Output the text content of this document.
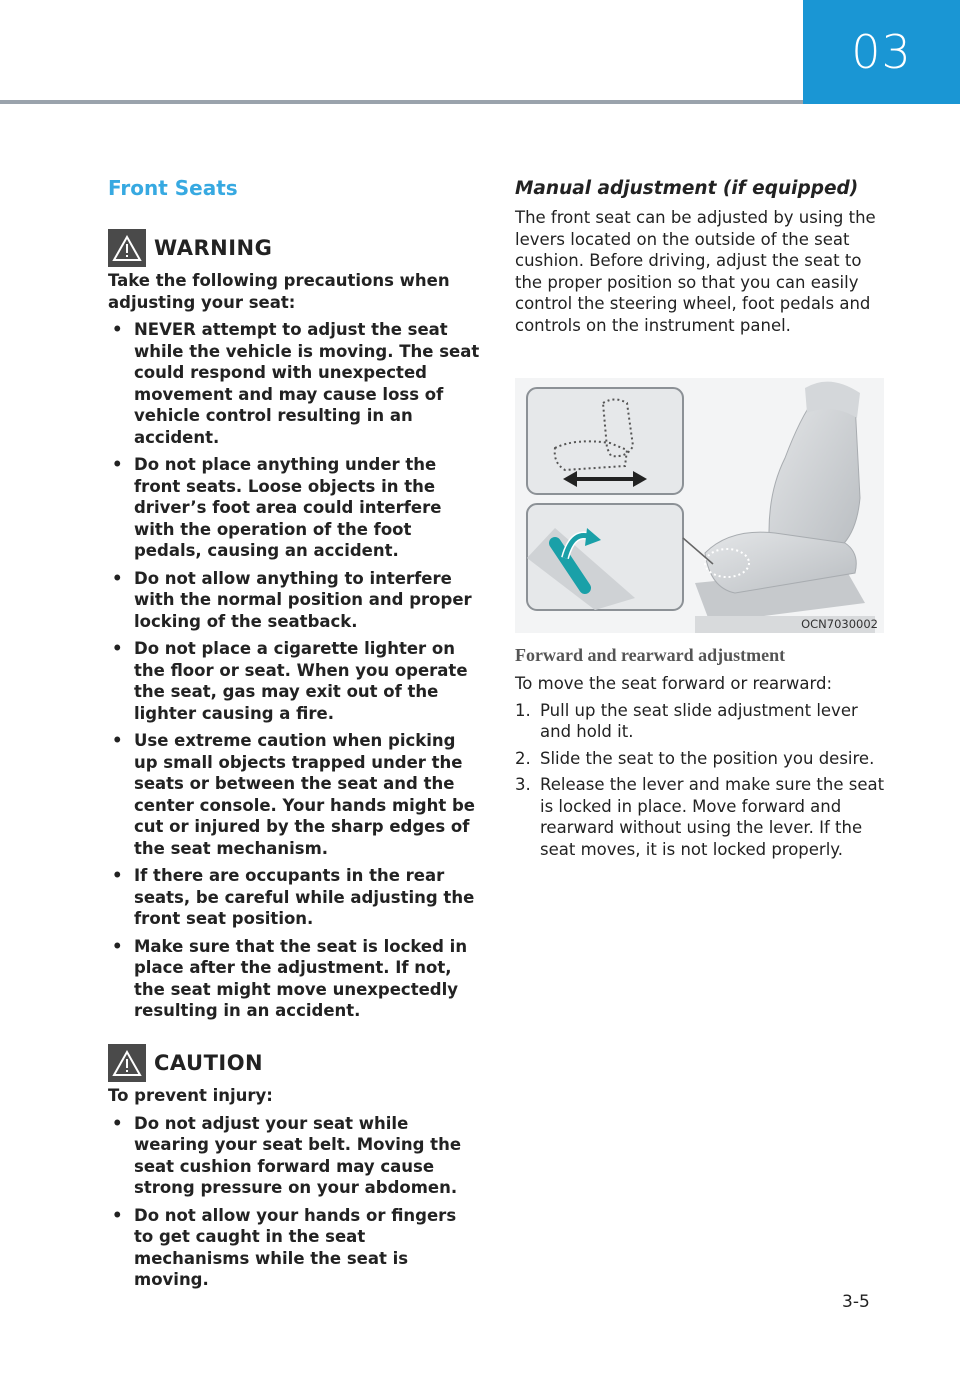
03
Front Seats
WARNING

Take the following precautions when adjusting your seat:

• NEVER attempt to adjust the seat while the vehicle is moving. The seat could respond with unexpected movement and may cause loss of vehicle control resulting in an accident.
• Do not place anything under the front seats. Loose objects in the driver’s foot area could interfere with the operation of the foot pedals, causing an accident.
• Do not allow anything to interfere with the normal position and proper locking of the seatback.
• Do not place a cigarette lighter on the floor or seat. When you operate the seat, gas may exit out of the lighter causing a fire.
• Use extreme caution when picking up small objects trapped under the seats or between the seat and the center console. Your hands might be cut or injured by the sharp edges of the seat mechanism.
• If there are occupants in the rear seats, be careful while adjusting the front seat position.
• Make sure that the seat is locked in place after the adjustment. If not, the seat might move unexpectedly resulting in an accident.
CAUTION

To prevent injury:

• Do not adjust your seat while wearing your seat belt. Moving the seat cushion forward may cause strong pressure on your abdomen.
• Do not allow your hands or fingers to get caught in the seat mechanisms while the seat is moving.

Manual adjustment (if equipped)

The front seat can be adjusted by using the levers located on the outside of the seat cushion. Before driving, adjust the seat to the proper position so that you can easily control the steering wheel, foot pedals and controls on the instrument panel.

OCN7030002

Forward and rearward adjustment

To move the seat forward or rearward:

1. Pull up the seat slide adjustment lever and hold it.
2. Slide the seat to the position you desire.
3. Release the lever and make sure the seat is locked in place. Move forward and rearward without using the lever. If the seat moves, it is not locked properly.
3-5
